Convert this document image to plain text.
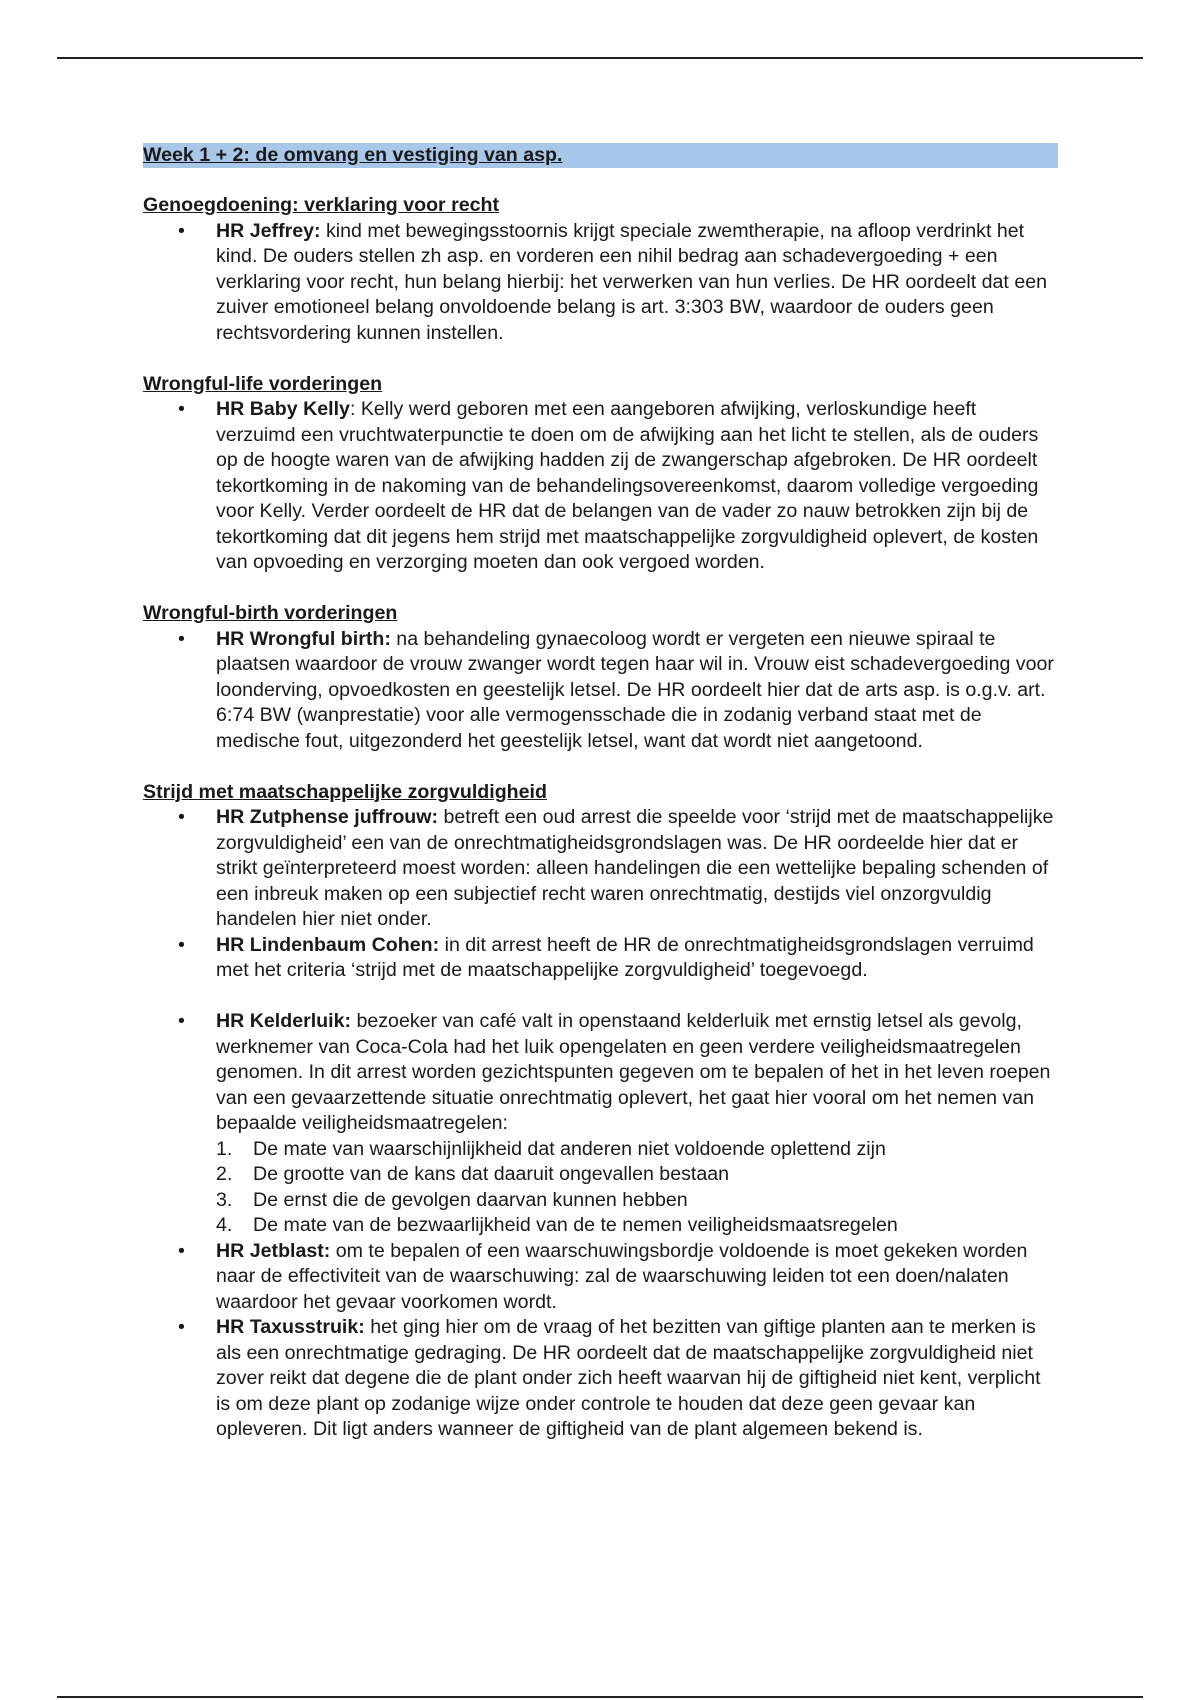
Week 1 + 2: de omvang en vestiging van asp.
Genoegdoening: verklaring voor recht
• HR Jeffrey: kind met bewegingsstoornis krijgt speciale zwemtherapie, na afloop verdrinkt het kind. De ouders stellen zh asp. en vorderen een nihil bedrag aan schadevergoeding + een verklaring voor recht, hun belang hierbij: het verwerken van hun verlies. De HR oordeelt dat een zuiver emotioneel belang onvoldoende belang is art. 3:303 BW, waardoor de ouders geen rechtsvordering kunnen instellen.
Wrongful-life vorderingen
• HR Baby Kelly: Kelly werd geboren met een aangeboren afwijking, verloskundige heeft verzuimd een vruchtwaterpunctie te doen om de afwijking aan het licht te stellen, als de ouders op de hoogte waren van de afwijking hadden zij de zwangerschap afgebroken. De HR oordeelt tekortkoming in de nakoming van de behandelingsovereenkomst, daarom volledige vergoeding voor Kelly. Verder oordeelt de HR dat de belangen van de vader zo nauw betrokken zijn bij de tekortkoming dat dit jegens hem strijd met maatschappelijke zorgvuldigheid oplevert, de kosten van opvoeding en verzorging moeten dan ook vergoed worden.
Wrongful-birth vorderingen
• HR Wrongful birth: na behandeling gynaecoloog wordt er vergeten een nieuwe spiraal te plaatsen waardoor de vrouw zwanger wordt tegen haar wil in. Vrouw eist schadevergoeding voor loonderving, opvoedkosten en geestelijk letsel. De HR oordeelt hier dat de arts asp. is o.g.v. art. 6:74 BW (wanprestatie) voor alle vermogensschade die in zodanig verband staat met de medische fout, uitgezonderd het geestelijk letsel, want dat wordt niet aangetoond.
Strijd met maatschappelijke zorgvuldigheid
• HR Zutphense juffrouw: betreft een oud arrest die speelde voor ‘strijd met de maatschappelijke zorgvuldigheid’ een van de onrechtmatigheidsgrondslagen was. De HR oordeelde hier dat er strikt geïnterpreteerd moest worden: alleen handelingen die een wettelijke bepaling schenden of een inbreuk maken op een subjectief recht waren onrechtmatig, destijds viel onzorgvuldig handelen hier niet onder.
• HR Lindenbaum Cohen: in dit arrest heeft de HR de onrechtmatigheidsgrondslagen verruimd met het criteria ‘strijd met de maatschappelijke zorgvuldigheid’ toegevoegd.
• HR Kelderluik: bezoeker van café valt in openstaand kelderluik met ernstig letsel als gevolg, werknemer van Coca-Cola had het luik opengelaten en geen verdere veiligheidsmaatregelen genomen. In dit arrest worden gezichtspunten gegeven om te bepalen of het in het leven roepen van een gevaarzettende situatie onrechtmatig oplevert, het gaat hier vooral om het nemen van bepaalde veiligheidsmaatregelen:
1. De mate van waarschijnlijkheid dat anderen niet voldoende oplettend zijn
2. De grootte van de kans dat daaruit ongevallen bestaan
3. De ernst die de gevolgen daarvan kunnen hebben
4. De mate van de bezwaarlijkheid van de te nemen veiligheidsmaatsregelen
• HR Jetblast: om te bepalen of een waarschuwingsbordje voldoende is moet gekeken worden naar de effectiviteit van de waarschuwing: zal de waarschuwing leiden tot een doen/nalaten waardoor het gevaar voorkomen wordt.
• HR Taxusstruik: het ging hier om de vraag of het bezitten van giftige planten aan te merken is als een onrechtmatige gedraging. De HR oordeelt dat de maatschappelijke zorgvuldigheid niet zover reikt dat degene die de plant onder zich heeft waarvan hij de giftigheid niet kent, verplicht is om deze plant op zodanige wijze onder controle te houden dat deze geen gevaar kan opleveren. Dit ligt anders wanneer de giftigheid van de plant algemeen bekend is.
